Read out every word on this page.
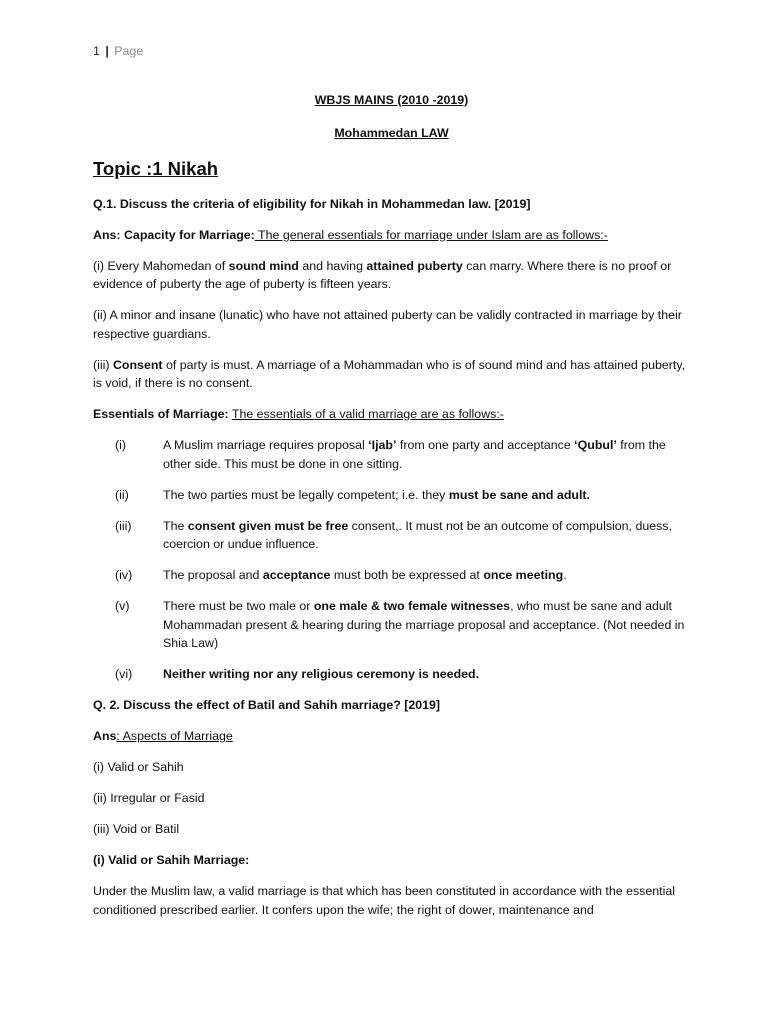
1 | Page
WBJS MAINS (2010 -2019)
Mohammedan LAW
Topic :1 Nikah

Q.1. Discuss the criteria of eligibility for Nikah in Mohammedan law. [2019]

Ans: Capacity for Marriage: The general essentials for marriage under Islam are as follows:-

(i) Every Mahomedan of sound mind and having attained puberty can marry. Where there is no proof or evidence of puberty the age of puberty is fifteen years.

(ii) A minor and insane (lunatic) who have not attained puberty can be validly contracted in marriage by their respective guardians.

(iii) Consent of party is must. A marriage of a Mohammadan who is of sound mind and has attained puberty, is void, if there is no consent.

Essentials of Marriage: The essentials of a valid marriage are as follows:-

(i)	A Muslim marriage requires proposal ‘Ijab’ from one party and acceptance ‘Qubul’ from the other side. This must be done in one sitting.
(ii)	The two parties must be legally competent; i.e. they must be sane and adult.
(iii)	The consent given must be free consent,. It must not be an outcome of compulsion, duess, coercion or undue influence.
(iv)	The proposal and acceptance must both be expressed at once meeting.
(v)	There must be two male or one male & two female witnesses, who must be sane and adult Mohammadan present & hearing during the marriage proposal and acceptance. (Not needed in Shia Law)
(vi)	Neither writing nor any religious ceremony is needed.

Q. 2. Discuss the effect of Batil and Sahih marriage? [2019]

Ans: Aspects of Marriage

(i) Valid or Sahih

(ii) Irregular or Fasid

(iii) Void or Batil

(i) Valid or Sahih Marriage:

Under the Muslim law, a valid marriage is that which has been constituted in accordance with the essential conditioned prescribed earlier. It confers upon the wife; the right of dower, maintenance and
